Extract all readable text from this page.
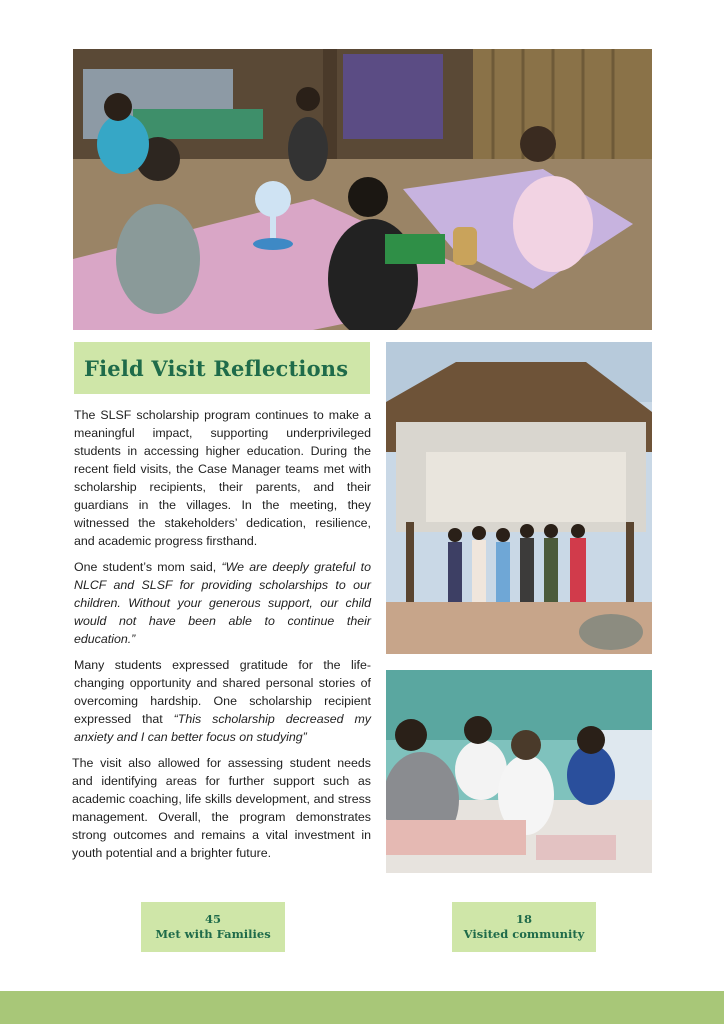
Field Visit Reflections

The SLSF scholarship program continues to make a meaningful impact, supporting underprivileged students in accessing higher education. During the recent field visits, the Case Manager teams met with scholarship recipients, their parents, and their guardians in the villages. In the meeting, they witnessed the stakeholders’ dedication, resilience, and academic progress firsthand.

One student’s mom said, “We are deeply grateful to NLCF and SLSF for providing scholarships to our children. Without your generous support, our child would not have been able to continue their education.”

Many students expressed gratitude for the life-changing opportunity and shared personal stories of overcoming hardship. One scholarship recipient expressed that “This scholarship decreased my anxiety and I can better focus on studying”

The visit also allowed for assessing student needs and identifying areas for further support such as academic coaching, life skills development, and stress management. Overall, the program demonstrates strong outcomes and remains a vital investment in youth potential and a brighter future.

45
Met with Families
18
Visited community
